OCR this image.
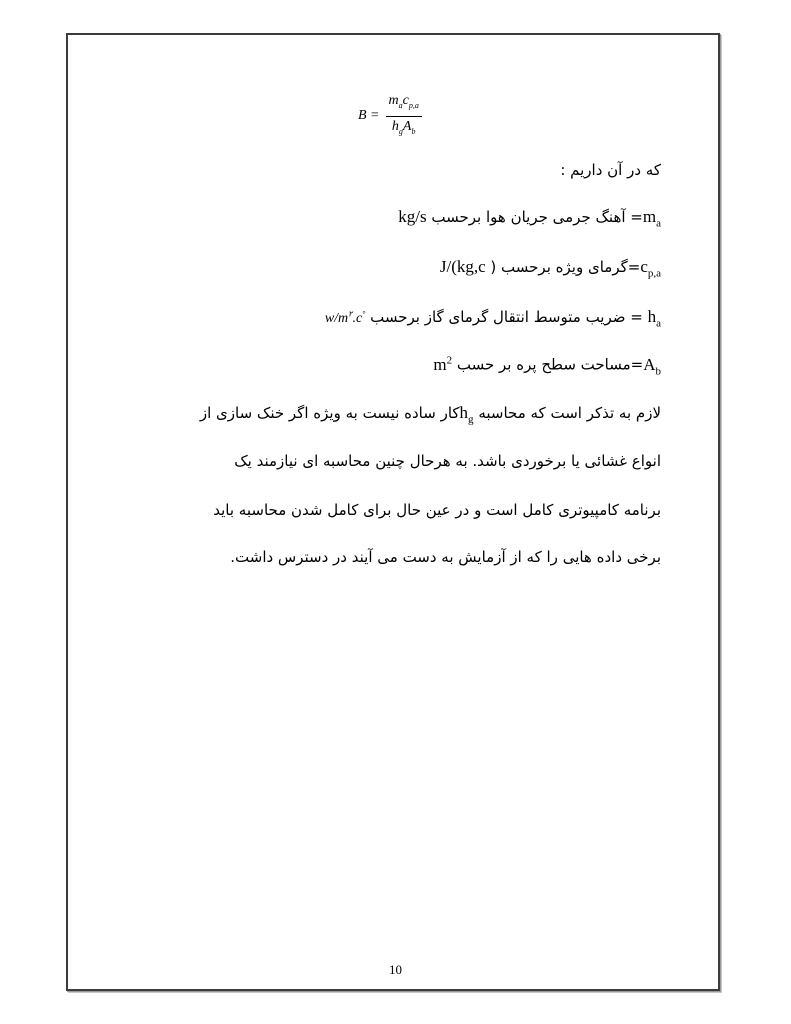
$B = \frac{m_ac_{p,a}}{h_gA_b}$
که در آن داریم :
$m_a=$ آهنگ جرمی جریان هوا برحسب kg/s
$c_{p,a}=گرمای$ ویژه برحسب ( J/(kg,c
$h_a$ = ضریب متوسط انتقال گرمای گاز برحسب $w/m^۲.c^\circ$
$A_b=مساحت$ سطح پره بر حسب $m^2$
لازم به تذکر است که محاسبه $h_gکار$ ساده نیست به ویژه اگر خنک سازی از
انواع غشائی یا برخوردی باشد. به هرحال چنین محاسبه ای نیازمند یک
برنامه کامپیوتری کامل است و در عین حال برای کامل شدن محاسبه باید
برخی داده هایی را که از آزمایش به دست می آیند در دسترس داشت.
10
